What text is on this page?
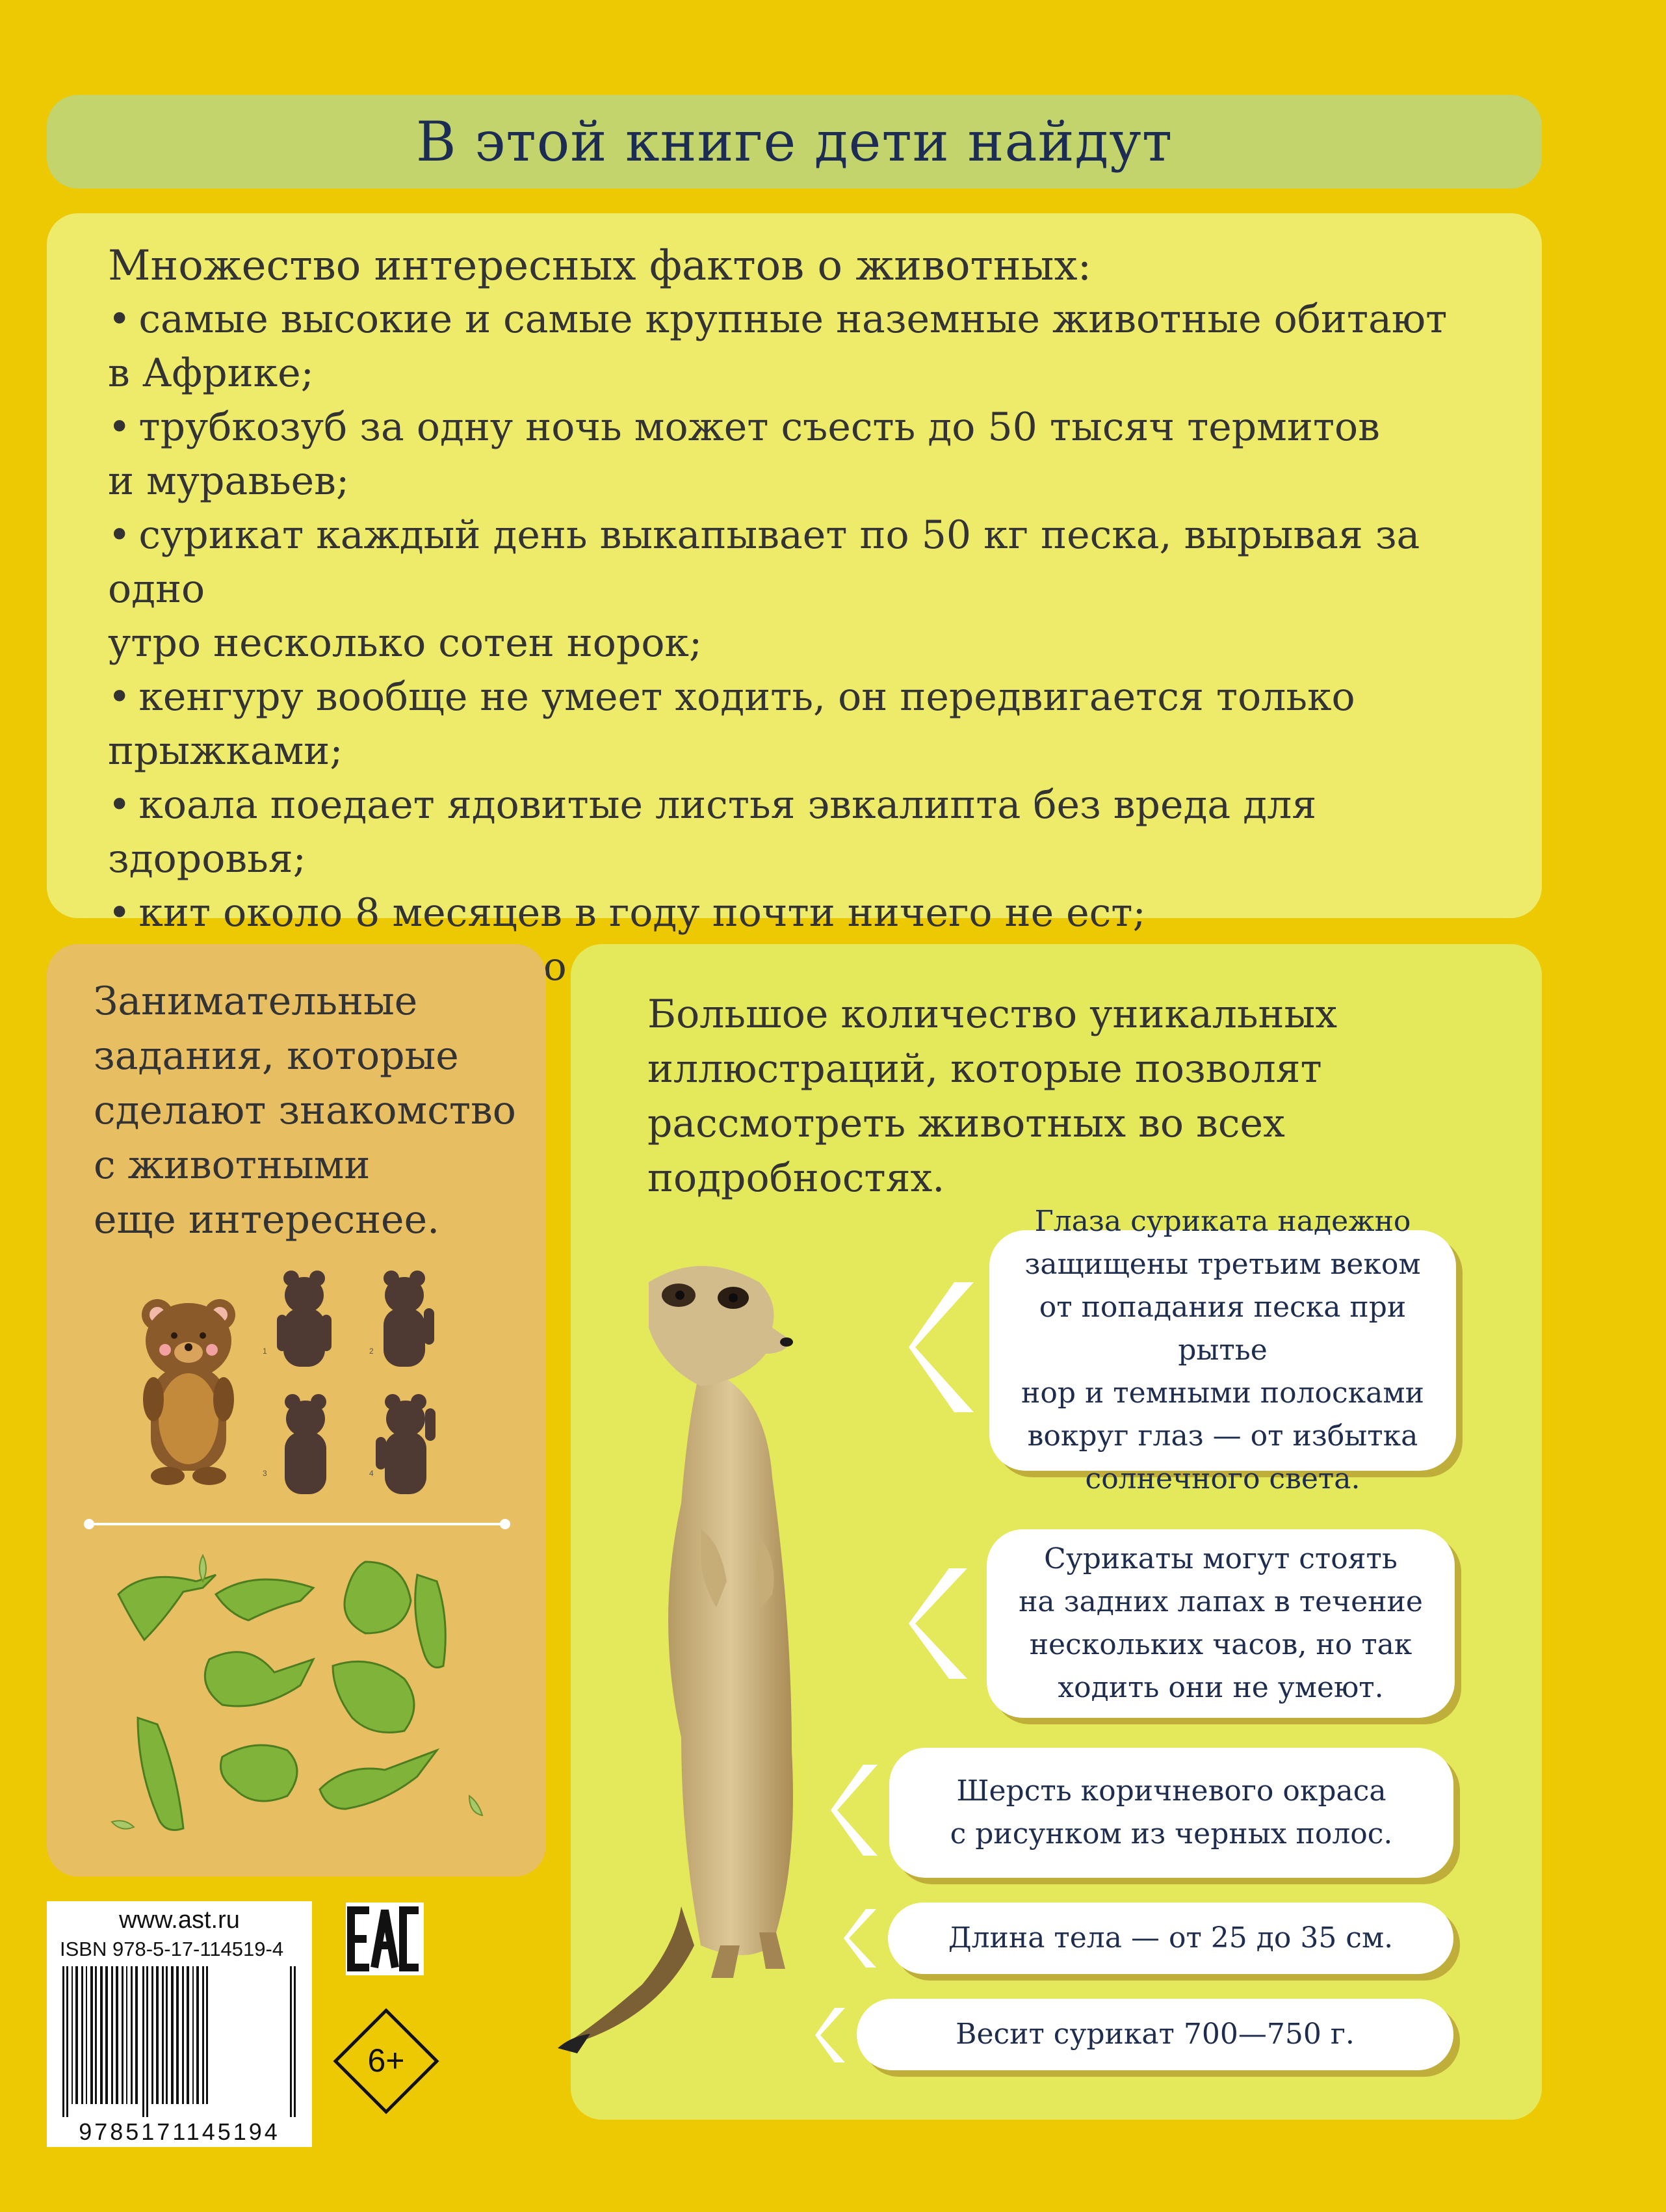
В этой книге дети найдут
Множество интересных фактов о животных:
• самые высокие и самые крупные наземные животные обитают
в Африке;
• трубкозуб за одну ночь может съесть до 50 тысяч термитов
и муравьев;
• сурикат каждый день выкапывает по 50 кг песка, вырывая за одно
утро несколько сотен норок;
• кенгуру вообще не умеет ходить, он передвигается только
прыжками;
• коала поедает ядовитые листья эвкалипта без вреда для здоровья;
• кит около 8 месяцев в году почти ничего не ест;
Занимательные
задания, которые
сделают знакомство
с животными
еще интереснее.
1	2
3	4
Большое количество уникальных
иллюстраций, которые позволят
рассмотреть животных во всех
подробностях.
Глаза суриката надежно
защищены третьим веком
от попадания песка при рытье
нор и темными полосками
вокруг глаз — от избытка
солнечного света.
Сурикаты могут стоять
на задних лапах в течение
нескольких часов, но так
ходить они не умеют.
Шерсть коричневого окраса
с рисунком из черных полос.
Длина тела — от 25 до 35 см.
Весит сурикат 700—750 г.
www.ast.ru
ISBN 978-5-17-114519-4
9785171145194
6+
